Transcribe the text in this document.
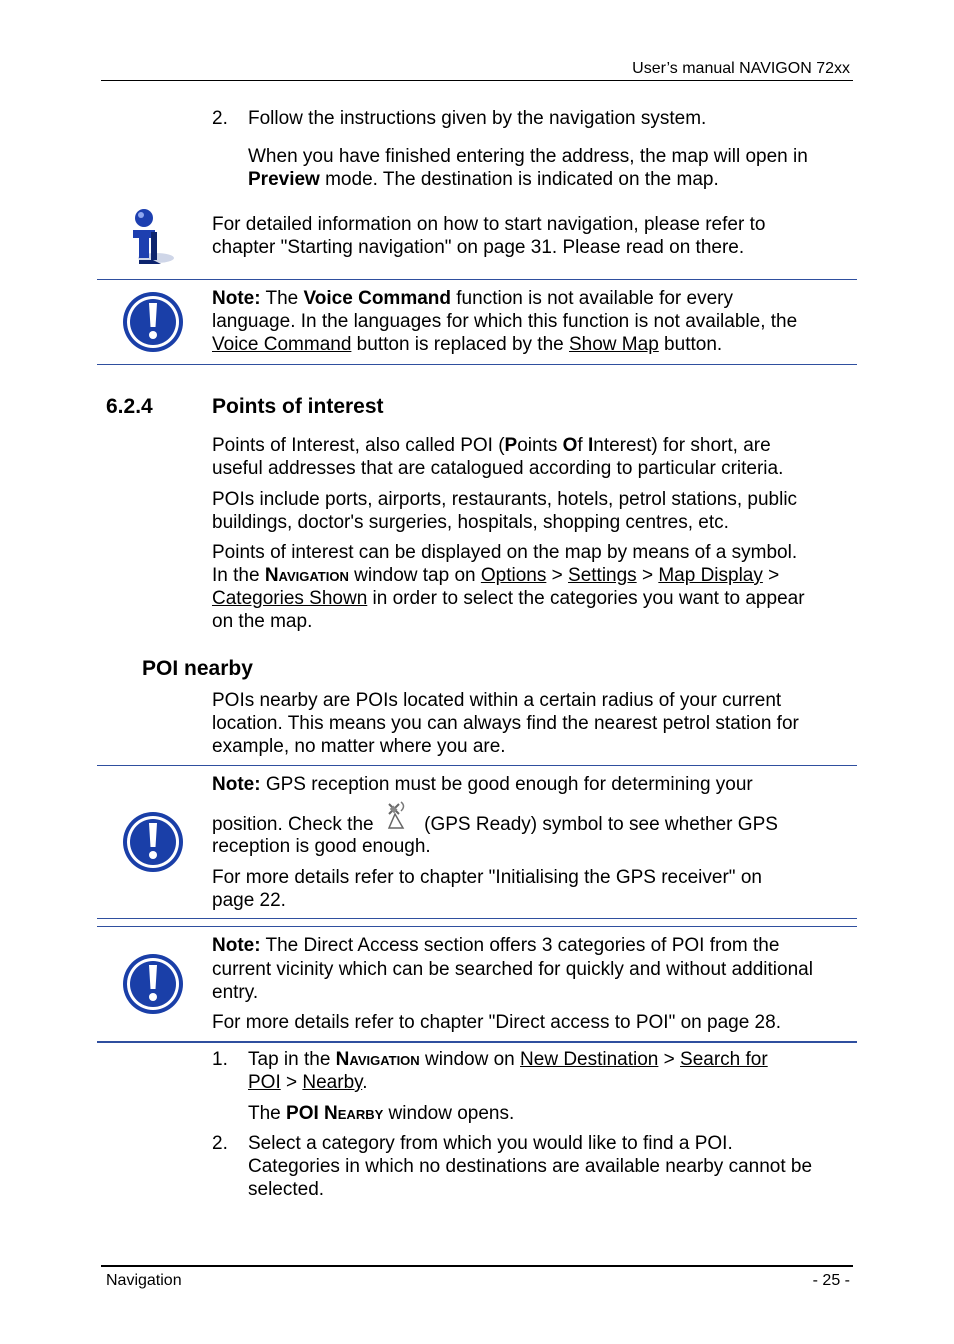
User’s manual NAVIGON 72xx
2. Follow the instructions given by the navigation system.
When you have finished entering the address, the map will open in Preview mode. The destination is indicated on the map.
For detailed information on how to start navigation, please refer to
chapter "Starting navigation" on page 31. Please read on there.
Note: The Voice Command function is not available for every
language. In the languages for which this function is not available, the
Voice Command button is replaced by the Show Map button.
6.2.4	Points of interest
Points of Interest, also called POI (Points Of Interest) for short, are
useful addresses that are catalogued according to particular criteria.
POIs include ports, airports, restaurants, hotels, petrol stations, public
buildings, doctor's surgeries, hospitals, shopping centres, etc.
Points of interest can be displayed on the map by means of a symbol.
In the Navigation window tap on Options > Settings > Map Display >
Categories Shown in order to select the categories you want to appear
on the map.
POI nearby
POIs nearby are POIs located within a certain radius of your current
location. This means you can always find the nearest petrol station for
example, no matter where you are.
Note: GPS reception must be good enough for determining your
position. Check the
(GPS Ready) symbol to see whether GPS
reception is good enough.
For more details refer to chapter "Initialising the GPS receiver" on
page 22.
Note: The Direct Access section offers 3 categories of POI from the
current vicinity which can be searched for quickly and without additional
entry.
For more details refer to chapter "Direct access to POI" on page 28.
1. Tap in the Navigation window on New Destination > Search for
POI > Nearby.
The POI Nearby window opens.
2. Select a category from which you would like to find a POI.
Categories in which no destinations are available nearby cannot be
selected.
Navigation	- 25 -
